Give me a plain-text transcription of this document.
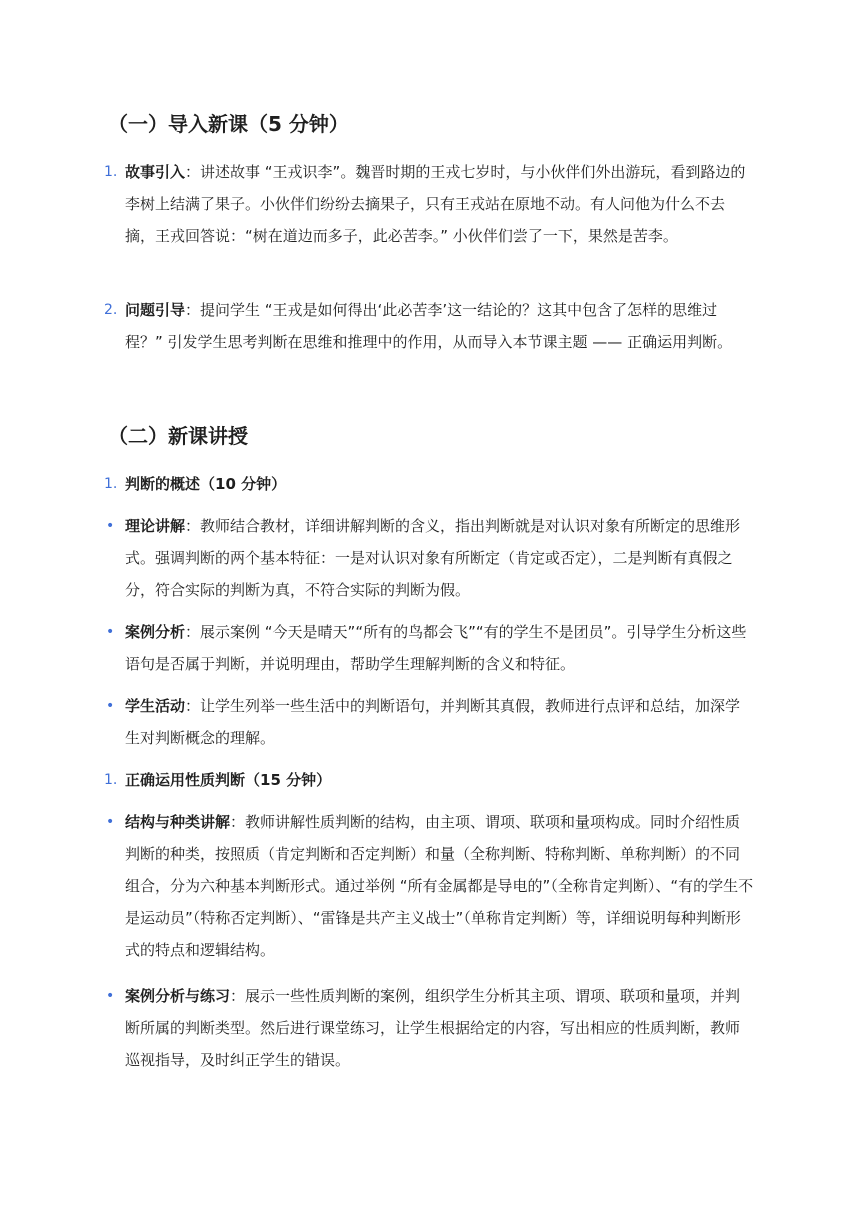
（一）导入新课（5 分钟）
1. 故事引入：讲述故事 “王戎识李”。魏晋时期的王戎七岁时，与小伙伴们外出游玩，看到路边的李树上结满了果子。小伙伴们纷纷去摘果子，只有王戎站在原地不动。有人问他为什么不去摘，王戎回答说：“树在道边而多子，此必苦李。” 小伙伴们尝了一下，果然是苦李。
2. 问题引导：提问学生 “王戎是如何得出‘此必苦李’这一结论的？这其中包含了怎样的思维过程？” 引发学生思考判断在思维和推理中的作用，从而导入本节课主题 —— 正确运用判断。
（二）新课讲授
1. 判断的概述（10 分钟）
• 理论讲解：教师结合教材，详细讲解判断的含义，指出判断就是对认识对象有所断定的思维形式。强调判断的两个基本特征：一是对认识对象有所断定（肯定或否定），二是判断有真假之分，符合实际的判断为真，不符合实际的判断为假。
• 案例分析：展示案例 “今天是晴天”“所有的鸟都会飞”“有的学生不是团员”。引导学生分析这些语句是否属于判断，并说明理由，帮助学生理解判断的含义和特征。
• 学生活动：让学生列举一些生活中的判断语句，并判断其真假，教师进行点评和总结，加深学生对判断概念的理解。
1. 正确运用性质判断（15 分钟）
• 结构与种类讲解：教师讲解性质判断的结构，由主项、谓项、联项和量项构成。同时介绍性质判断的种类，按照质（肯定判断和否定判断）和量（全称判断、特称判断、单称判断）的不同组合，分为六种基本判断形式。通过举例 “所有金属都是导电的”（全称肯定判断）、“有的学生不是运动员”（特称否定判断）、“雷锋是共产主义战士”（单称肯定判断）等，详细说明每种判断形式的特点和逻辑结构。
• 案例分析与练习：展示一些性质判断的案例，组织学生分析其主项、谓项、联项和量项，并判断所属的判断类型。然后进行课堂练习，让学生根据给定的内容，写出相应的性质判断，教师巡视指导，及时纠正学生的错误。
